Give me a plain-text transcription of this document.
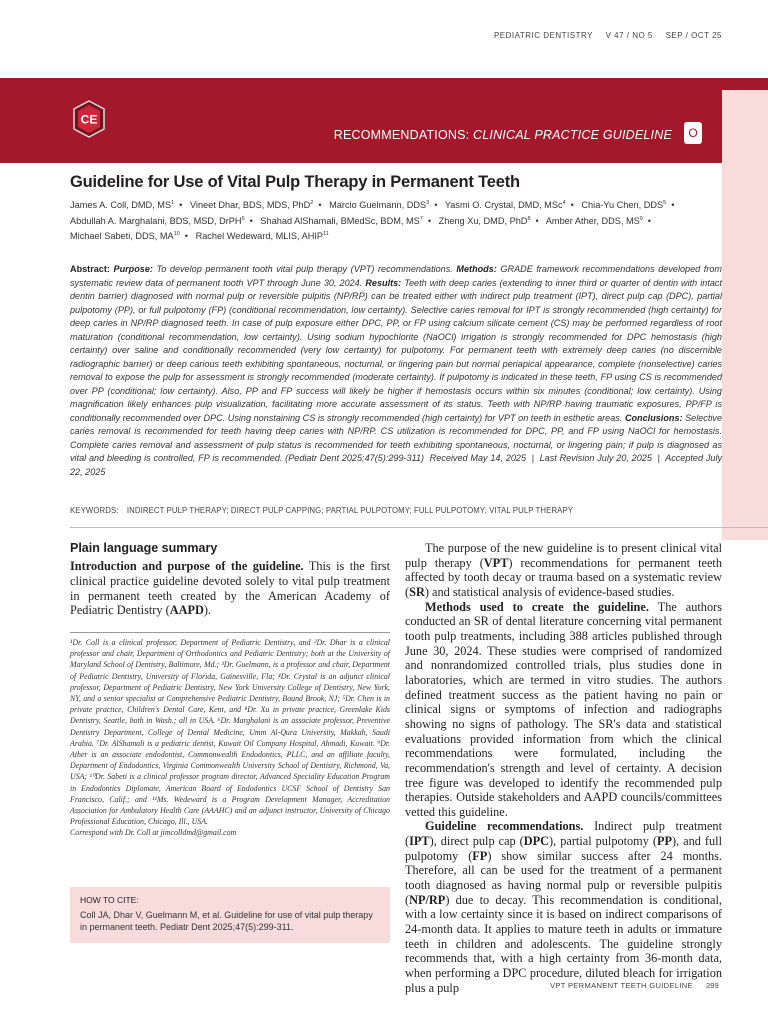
PEDIATRIC DENTISTRY V 47 / NO 5 SEP / OCT 25
CE
RECOMMENDATIONS: CLINICAL PRACTICE GUIDELINE	O
Guideline for Use of Vital Pulp Therapy in Permanent Teeth
James A. Coll, DMD, $MS^1$ • Vineet Dhar, BDS, MDS, PhD$^2$ • Marcio Guelmann, DDS$^3$ • Yasmi O. Crystal, DMD, MSc$^4$ • Chia-Yu Chen, DDS$^5$ •
Abdullah A. Marghalani, BDS, MSD, DrPH$^6$ • Shahad AlShamali, BMedSc, BDM, $MS^7$ • Zheng Xu, DMD, PhD$^8$ • Amber Ather, DDS, $MS^9$ •
Michael Sabeti, DDS, MA$^{10}$ • Rachel Wedeward, MLIS, AHIP$^{11}$
Abstract: Purpose: To develop permanent tooth vital pulp therapy (VPT) recommendations. Methods: GRADE framework recommendations developed from systematic review data of permanent tooth VPT through June 30, 2024. Results: Teeth with deep caries (extending to inner third or quarter of dentin with intact dentin barrier) diagnosed with normal pulp or reversible pulpitis (NP/RP) can be treated either with indirect pulp treatment (IPT), direct pulp cap (DPC), partial pulpotomy (PP), or full pulpotomy (FP) (conditional recommendation, low certainty). Selective caries removal for IPT is strongly recommended (high certainty) for deep caries in NP/RP diagnosed teeth. In case of pulp exposure either DPC, PP, or FP using calcium silicate cement (CS) may be performed regardless of root maturation (conditional recommendation, low certainty). Using sodium hypochlorite (NaOCl) irrigation is strongly recommended for DPC hemostasis (high certainty) over saline and conditionally recommended (very low certainty) for pulpotomy. For permanent teeth with extremely deep caries (no discernible radiographic barrier) or deep carious teeth exhibiting spontaneous, nocturnal, or lingering pain but normal periapical appearance, complete (nonselective) caries removal to expose the pulp for assessment is strongly recommended (moderate certainty). If pulpotomy is indicated in these teeth, FP using CS is recommended over PP (conditional; low certainty). Also, PP and FP success will likely be higher if hemostasis occurs within six minutes (conditional; low certainty). Using magnification likely enhances pulp visualization, facilitating more accurate assessment of its status. Teeth with NP/RP having traumatic exposures, PP/FP is conditionally recommended over DPC. Using nonstaining CS is strongly recommended (high certainty) for VPT on teeth in esthetic areas. Conclusions: Selective caries removal is recommended for teeth having deep caries with NP/RP. CS utilization is recommended for DPC, PP, and FP using NaOCl for hemostasis. Complete caries removal and assessment of pulp status is recommended for teeth exhibiting spontaneous, nocturnal, or lingering pain; if pulp is diagnosed as vital and bleeding is controlled, FP is recommended. (Pediatr Dent 2025;47(5):299-311) Received May 14, 2025  |  Last Revision July 20, 2025  |  Accepted July 22, 2025
KEYWORDS: INDIRECT PULP THERAPY; DIRECT PULP CAPPING; PARTIAL PULPOTOMY; FULL PULPOTOMY; VITAL PULP THERAPY
Plain language summary

Introduction and purpose of the guideline. This is the first clinical practice guideline devoted solely to vital pulp treatment in permanent teeth created by the American Academy of Pediatric Dentistry (AAPD).

¹Dr. Coll is a clinical professor, Department of Pediatric Dentistry, and ²Dr. Dhar is a clinical professor and chair, Department of Orthodontics and Pediatric Dentistry; both at the University of Maryland School of Dentistry, Baltimore, Md.; ³Dr. Guelmann, is a professor and chair, Department of Pediatric Dentistry, University of Florida, Gainesville, Fla; ⁴Dr. Crystal is an adjunct clinical professor, Department of Pediatric Dentistry, New York University College of Dentistry, New York, NY, and a senior specialist at Comprehensive Pediatric Dentistry, Bound Brook, NJ; ⁵Dr. Chen is in private practice, Children's Dental Care, Kent, and ⁸Dr. Xu in private practice, Greenlake Kids Dentistry, Seattle, both in Wash.; all in USA. ⁶Dr. Marghalani is an associate professor, Preventive Dentistry Department, College of Dental Medicine, Umm Al-Qura University, Makkah, Saudi Arabia. ⁷Dr. AlShamali is a pediatric dentist, Kuwait Oil Company Hospital, Ahmadi, Kuwait. ⁹Dr. Ather is an associate endodontist, Commonwealth Endodontics, PLLC, and an affiliate faculty, Department of Endodontics, Virginia Commonwealth University School of Dentistry, Richmond, Va, USA; ¹⁰Dr. Sabeti is a clinical professor program director, Advanced Speciality Education Program in Endodontics Diplomate, American Board of Endodontics UCSF School of Dentistry San Francisco, Calif.; and ¹¹Ms. Wedeward is a Program Development Manager, Accreditation Association for Ambulatory Health Care (AAAHC) and an adjunct instructor, University of Chicago Professional Education, Chicago, Ill., USA.

Correspond with Dr. Coll at jimcolldmd@gmail.com

HOW TO CITE:

Coll JA, Dhar V, Guelmann M, et al. Guideline for use of vital pulp therapy in permanent teeth. Pediatr Dent 2025;47(5):299-311.

The purpose of the new guideline is to present clinical vital pulp therapy (VPT) recommendations for permanent teeth affected by tooth decay or trauma based on a systematic review (SR) and statistical analysis of evidence-based studies.

Methods used to create the guideline. The authors conducted an SR of dental literature concerning vital permanent tooth pulp treatments, including 388 articles published through June 30, 2024. These studies were comprised of randomized and nonrandomized controlled trials, plus studies done in laboratories, which are termed in vitro studies. The authors defined treatment success as the patient having no pain or clinical signs or symptoms of infection and radiographs showing no signs of pathology. The SR's data and statistical evaluations provided information from which the clinical recommendations were formulated, including the recommendation's strength and level of certainty. A decision tree figure was developed to identify the recommended pulp therapies. Outside stakeholders and AAPD councils/committees vetted this guideline.

Guideline recommendations. Indirect pulp treatment (IPT), direct pulp cap (DPC), partial pulpotomy (PP), and full pulpotomy (FP) show similar success after 24 months. Therefore, all can be used for the treatment of a permanent tooth diagnosed as having normal pulp or reversible pulpitis (NP/RP) due to decay. This recommendation is conditional, with a low certainty since it is based on indirect comparisons of 24-month data. It applies to mature teeth in adults or immature teeth in children and adolescents. The guideline strongly recommends that, with a high certainty from 36-month data, when performing a DPC procedure, diluted bleach for irrigation plus a pulp	VPT PERMANENT TEETH GUIDELINE 299
